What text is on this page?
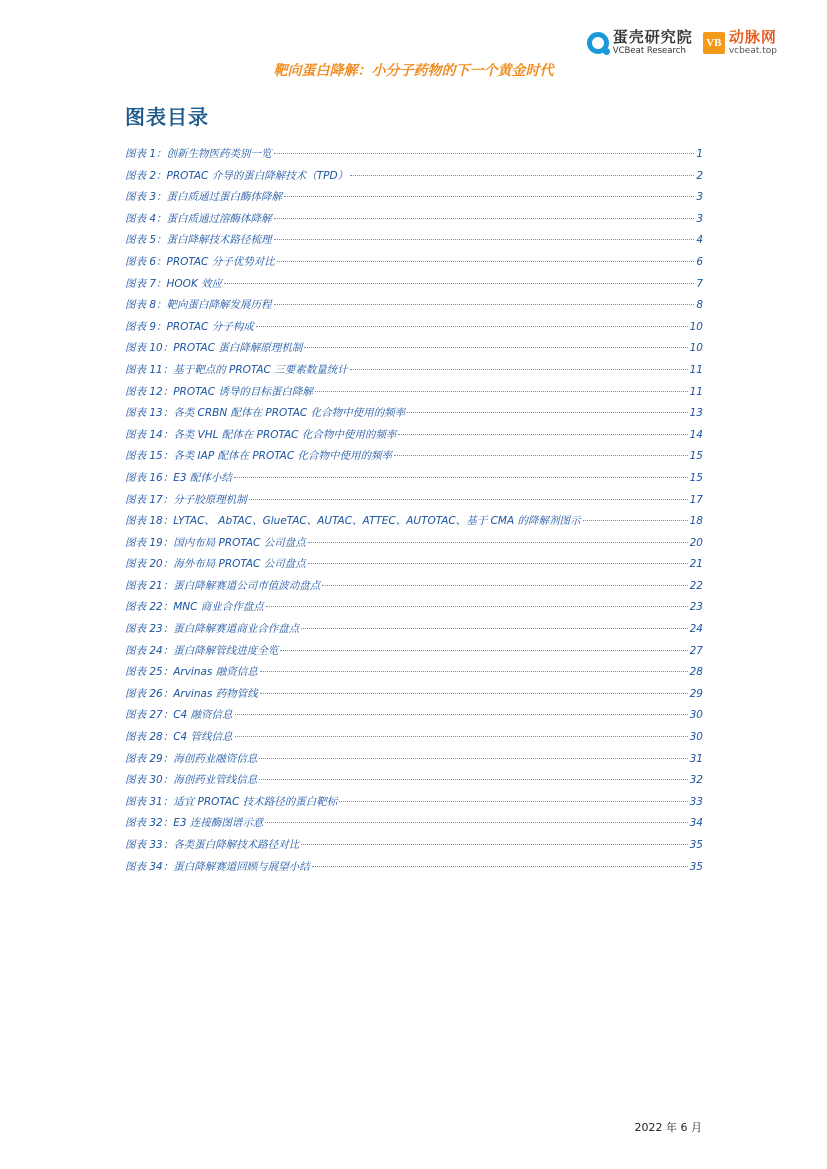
蛋壳研究院
VCBeat Research
VB 动脉网
vcbeat.top
靶向蛋白降解：小分子药物的下一个黄金时代
图表目录
图表 1：创新生物医药类别一览	1
图表 2：PROTAC 介导的蛋白降解技术（TPD）	2
图表 3：蛋白质通过蛋白酶体降解	3
图表 4：蛋白质通过溶酶体降解	3
图表 5：蛋白降解技术路径梳理	4
图表 6：PROTAC 分子优势对比	6
图表 7：HOOK 效应	7
图表 8：靶向蛋白降解发展历程	8
图表 9：PROTAC 分子构成	10
图表 10：PROTAC 蛋白降解原理机制	10
图表 11：基于靶点的 PROTAC 三要素数量统计	11
图表 12：PROTAC 诱导的目标蛋白降解	11
图表 13：各类 CRBN 配体在 PROTAC 化合物中使用的频率	13
图表 14：各类 VHL 配体在 PROTAC 化合物中使用的频率	14
图表 15：各类 IAP 配体在 PROTAC 化合物中使用的频率	15
图表 16：E3 配体小结	15
图表 17：分子胶原理机制	17
图表 18：LYTAC、 AbTAC、GlueTAC、AUTAC、ATTEC、AUTOTAC、基于 CMA 的降解剂图示	18
图表 19：国内布局 PROTAC 公司盘点	20
图表 20：海外布局 PROTAC 公司盘点	21
图表 21：蛋白降解赛道公司市值波动盘点	22
图表 22：MNC 商业合作盘点	23
图表 23：蛋白降解赛道商业合作盘点	24
图表 24：蛋白降解管线进度全览	27
图表 25：Arvinas 融资信息	28
图表 26：Arvinas 药物管线	29
图表 27：C4 融资信息	30
图表 28：C4 管线信息	30
图表 29：海创药业融资信息	31
图表 30：海创药业管线信息	32
图表 31：适宜 PROTAC 技术路径的蛋白靶标	33
图表 32：E3 连接酶图谱示意	34
图表 33：各类蛋白降解技术路径对比	35
图表 34：蛋白降解赛道回顾与展望小结	35
2022 年 6 月
